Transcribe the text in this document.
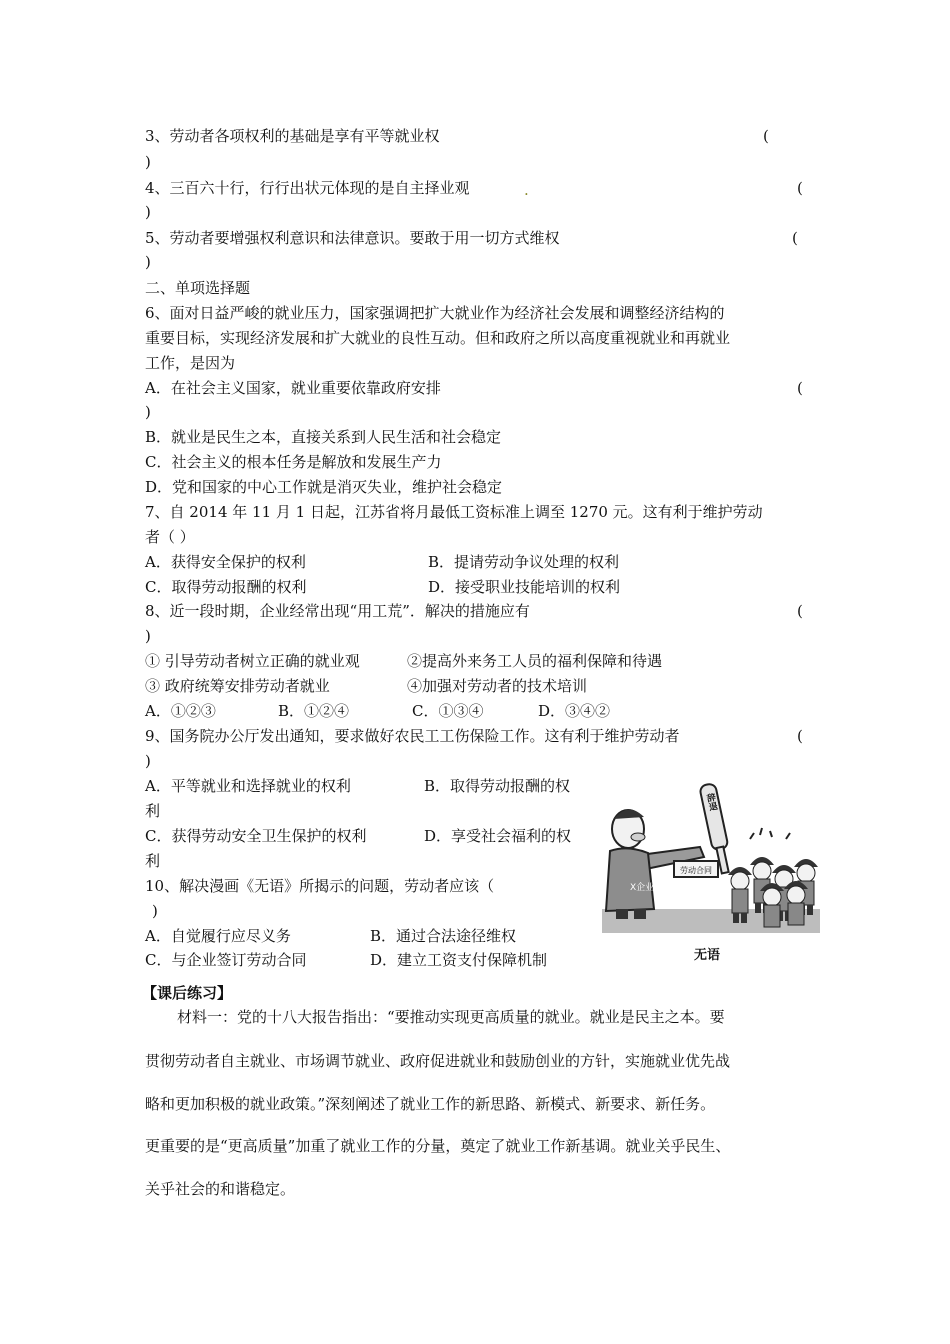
3、劳动者各项权利的基础是享有平等就业权	(
)
4、三百六十行，行行出状元体现的是自主择业观	.	(
)
5、劳动者要增强权利意识和法律意识。要敢于用一切方式维权	(
)
二、单项选择题
6、面对日益严峻的就业压力，国家强调把扩大就业作为经济社会发展和调整经济结构的
重要目标，实现经济发展和扩大就业的良性互动。但和政府之所以高度重视就业和再就业
工作，是因为
A．在社会主义国家，就业重要依靠政府安排	(
)
B．就业是民生之本，直接关系到人民生活和社会稳定
C．社会主义的根本任务是解放和发展生产力
D．党和国家的中心工作就是消灭失业，维护社会稳定
7、自 2014 年 11 月 1 日起，江苏省将月最低工资标准上调至 1270 元。这有利于维护劳动
者（ ）
A．获得安全保护的权利	B．提请劳动争议处理的权利
C．取得劳动报酬的权利	D．接受职业技能培训的权利
8、近一段时期，企业经常出现“用工荒”．解决的措施应有	(
)
① 引导劳动者树立正确的就业观	②提高外来务工人员的福利保障和待遇
③ 政府统筹安排劳动者就业	④加强对劳动者的技术培训
A．①②③	B．①②④	C．①③④	D．③④②
9、国务院办公厅发出通知，要求做好农民工工伤保险工作。这有利于维护劳动者	(
)
A．平等就业和选择就业的权利	B．取得劳动报酬的权
利
C．获得劳动安全卫生保护的权利	D．享受社会福利的权
利
10、解决漫画《无语》所揭示的问题，劳动者应该（
)
A．自觉履行应尽义务	B．通过合法途径维权
C．与企业签订劳动合同	D．建立工资支付保障机制
辞退
X企业
劳动合同
无语
【课后练习】
材料一：党的十八大报告指出：“要推动实现更高质量的就业。就业是民主之本。要
贯彻劳动者自主就业、市场调节就业、政府促进就业和鼓励创业的方针，实施就业优先战
略和更加积极的就业政策。”深刻阐述了就业工作的新思路、新模式、新要求、新任务。
更重要的是“更高质量”加重了就业工作的分量，奠定了就业工作新基调。就业关乎民生、
关乎社会的和谐稳定。
